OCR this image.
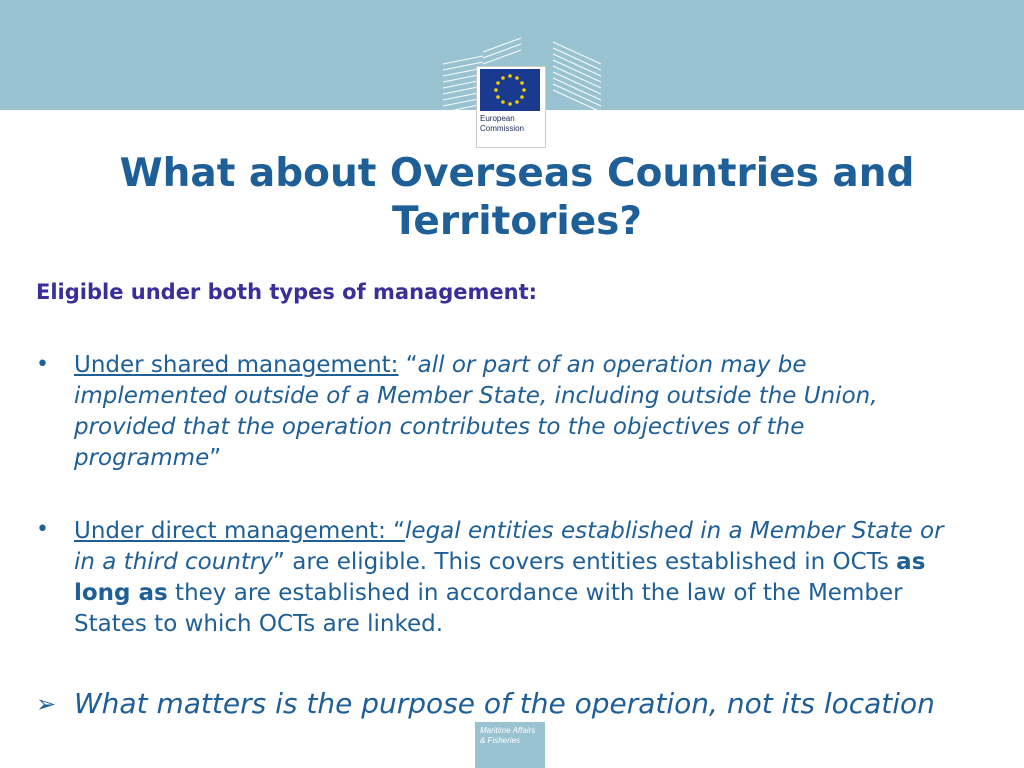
European
Commission
What about Overseas Countries and Territories?
Eligible under both types of management:
• Under shared management: “all or part of an operation may be implemented outside of a Member State, including outside the Union, provided that the operation contributes to the objectives of the programme”
• Under direct management: “legal entities established in a Member State or in a third country” are eligible. This covers entities established in OCTs as long as they are established in accordance with the law of the Member States to which OCTs are linked.
➢ What matters is the purpose of the operation, not its location
Maritime Affairs
& Fisheries
